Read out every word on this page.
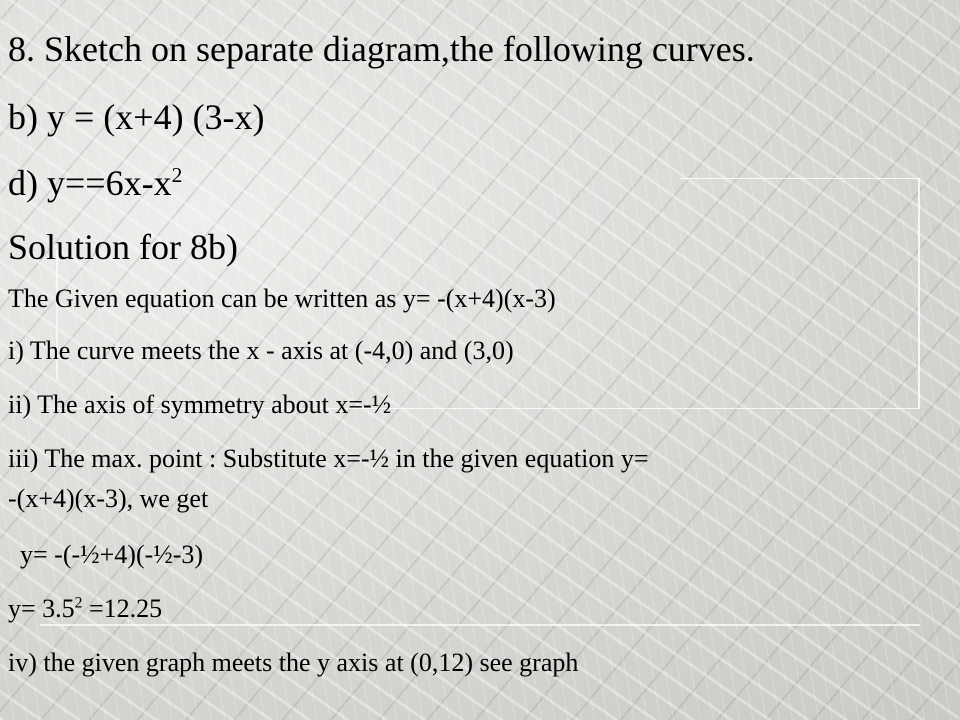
8. Sketch on separate diagram,the following curves.
b) y = (x+4) (3-x)
d) $y==6x-x^2$
Solution for 8b)
The Given equation can be written as y= -(x+4)(x-3)
i) The curve meets the x - axis at (-4,0) and (3,0)
ii) The axis of symmetry about x=-½
iii) The max. point : Substitute x=-½ in the given equation y=
-(x+4)(x-3), we get
y= -(-½+4)(-½-3)
$y= 3.5^2 =12.25$
iv) the given graph meets the y axis at (0,12) see graph
